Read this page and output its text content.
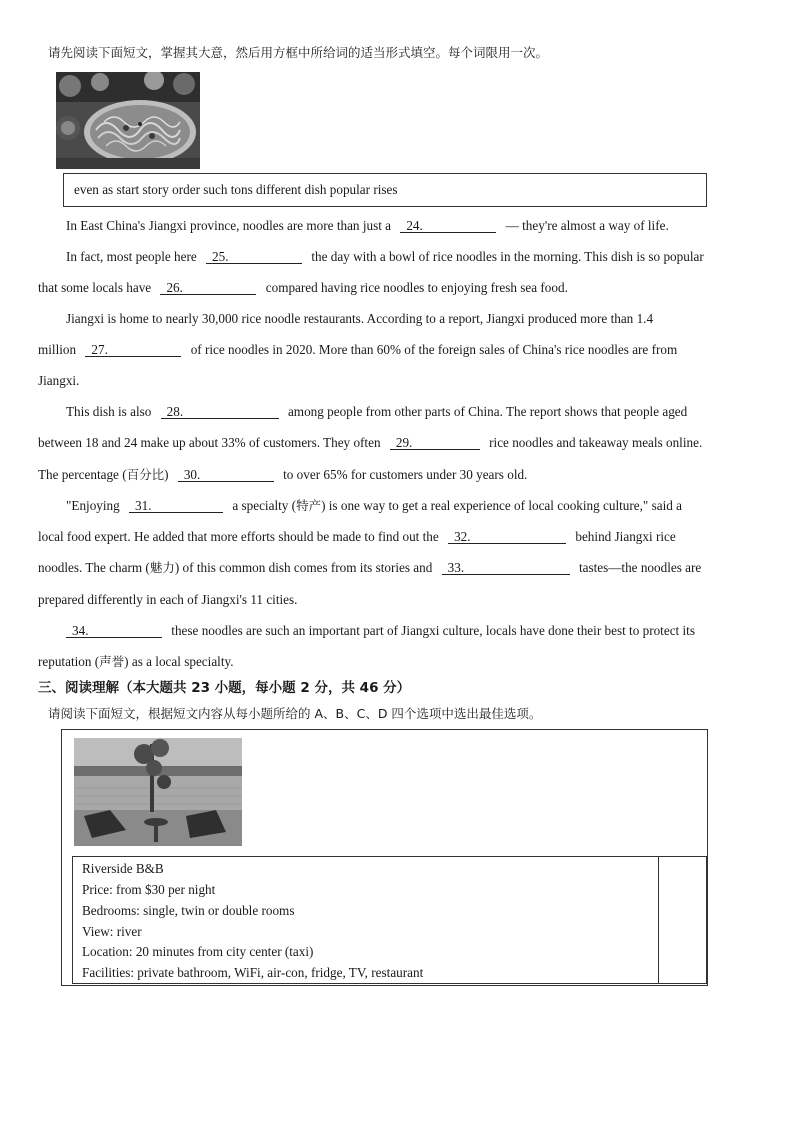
请先阅读下面短文，掌握其大意，然后用方框中所给词的适当形式填空。每个词限用一次。
even as start story order such tons different dish popular rises
In East China's Jiangxi province, noodles are more than just a 24.	— they're almost a way of life.
In fact, most people here 25.	the day with a bowl of rice noodles in the morning. This dish is so popular
that some locals have 26.	compared having rice noodles to enjoying fresh sea food.
Jiangxi is home to nearly 30,000 rice noodle restaurants. According to a report, Jiangxi produced more than 1.4
million 27.	of rice noodles in 2020. More than 60% of the foreign sales of China's rice noodles are from
Jiangxi.
This dish is also 28.	among people from other parts of China. The report shows that people aged
between 18 and 24 make up about 33% of customers. They often 29.	rice noodles and takeaway meals online.
The percentage (百分比) 30.	to over 65% for customers under 30 years old.
"Enjoying 31.	a specialty (特产) is one way to get a real experience of local cooking culture," said a
local food expert. He added that more efforts should be made to find out the 32.	behind Jiangxi rice
noodles. The charm (魅力) of this common dish comes from its stories and 33.	tastes—the noodles are
prepared differently in each of Jiangxi's 11 cities.
34.	these noodles are such an important part of Jiangxi culture, locals have done their best to protect its
reputation (声誉) as a local specialty.
三、阅读理解（本大题共 23 小题，每小题 2 分，共 46 分）
请阅读下面短文，根据短文内容从每小题所给的 A、B、C、D 四个选项中选出最佳选项。
Riverside B&B
Price: from $30 per night
Bedrooms: single, twin or double rooms
View: river
Location: 20 minutes from city center (taxi)
Facilities: private bathroom, WiFi, air-con, fridge, TV, restaurant
